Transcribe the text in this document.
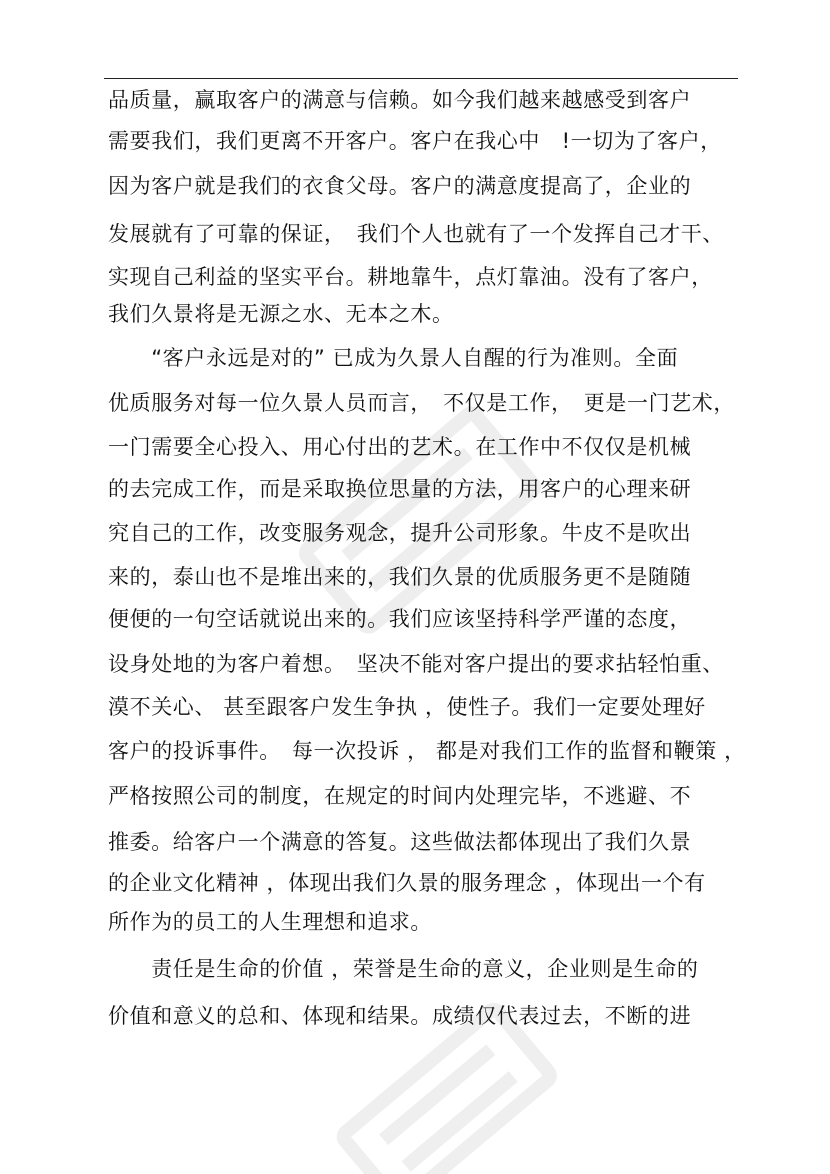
品质量，赢取客户的满意与信赖。如今我们越来越感受到客户
需要我们，我们更离不开客户。客户在我心中　!一切为了客户，
因为客户就是我们的衣食父母。客户的满意度提高了，企业的
发展就有了可靠的保证，　我们个人也就有了一个发挥自己才干、
实现自己利益的坚实平台。耕地靠牛，点灯靠油。没有了客户，
我们久景将是无源之水、无本之木。
　　“客户永远是对的” 已成为久景人自醒的行为准则。全面
优质服务对每一位久景人员而言，　不仅是工作，　更是一门艺术，
一门需要全心投入、用心付出的艺术。在工作中不仅仅是机械
的去完成工作，而是采取换位思量的方法，用客户的心理来研
究自己的工作，改变服务观念，提升公司形象。牛皮不是吹出
来的，泰山也不是堆出来的，我们久景的优质服务更不是随随
便便的一句空话就说出来的。我们应该坚持科学严谨的态度，
设身处地的为客户着想。　坚决不能对客户提出的要求拈轻怕重、
漠不关心、 甚至跟客户发生争执 ，使性子。我们一定要处理好
客户的投诉事件。　每一次投诉 ， 都是对我们工作的监督和鞭策 ，
严格按照公司的制度，在规定的时间内处理完毕，不逃避、不
推委。给客户一个满意的答复。这些做法都体现出了我们久景
的企业文化精神 ，体现出我们久景的服务理念 ，体现出一个有
所作为的员工的人生理想和追求。
　　责任是生命的价值 ，荣誉是生命的意义，企业则是生命的
价值和意义的总和、体现和结果。成绩仅代表过去，不断的进
